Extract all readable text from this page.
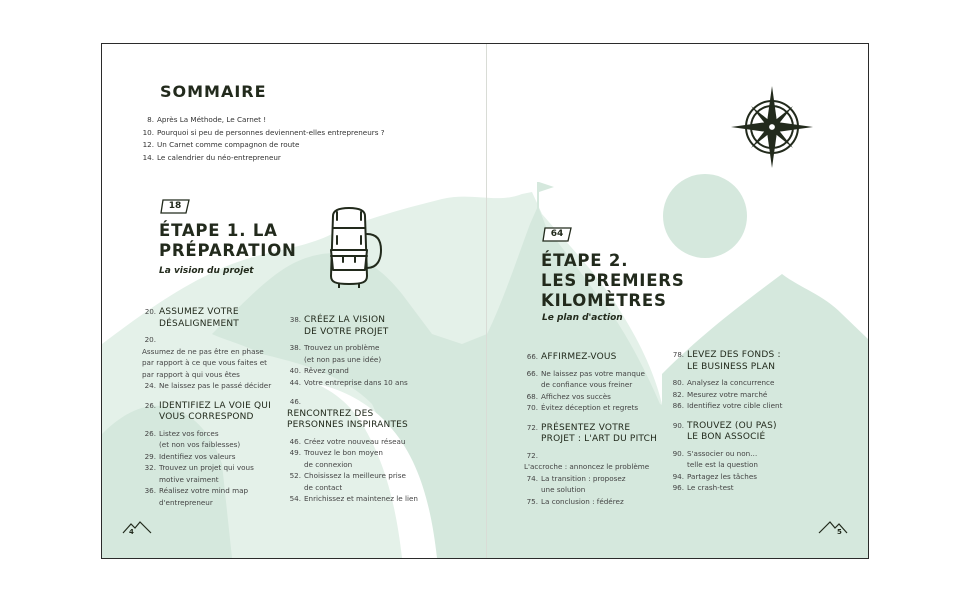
SOMMAIRE
8. Après La Méthode, Le Carnet !
10. Pourquoi si peu de personnes deviennent-elles entrepreneurs ?
12. Un Carnet comme compagnon de route
14. Le calendrier du néo-entrepreneur
18
ÉTAPE 1. LA
PRÉPARATION
La vision du projet
20. ASSUMEZ VOTRE
DÉSALIGNEMENT
20.Assumez de ne pas être en phase
par rapport à ce que vous faites et
par rapport à qui vous êtes
24. Ne laissez pas le passé décider
26. IDENTIFIEZ LA VOIE QUI
VOUS CORRESPOND
26. Listez vos forces
(et non vos faiblesses)
29. Identifiez vos valeurs
32. Trouvez un projet qui vous
motive vraiment
36. Réalisez votre mind map
d'entrepreneur
38. CRÉEZ LA VISION
DE VOTRE PROJET
38. Trouvez un problème
(et non pas une idée)
40. Rêvez grand
44. Votre entreprise dans 10 ans
46.RENCONTREZ DES
PERSONNES INSPIRANTES
46. Créez votre nouveau réseau
49. Trouvez le bon moyen
de connexion
52. Choisissez la meilleure prise
de contact
54. Enrichissez et maintenez le lien
4
64
ÉTAPE 2.
LES PREMIERS
KILOMÈTRES
Le plan d'action
66. AFFIRMEZ-VOUS
66. Ne laissez pas votre manque
de confiance vous freiner
68. Affichez vos succès
70. Évitez déception et regrets
72. PRÉSENTEZ VOTRE
PROJET : L'ART DU PITCH
72.L'accroche : annoncez le problème
74. La transition : proposez
une solution
75. La conclusion : fédérez
78. LEVEZ DES FONDS :
LE BUSINESS PLAN
80. Analysez la concurrence
82. Mesurez votre marché
86. Identifiez votre cible client
90. TROUVEZ (OU PAS)
LE BON ASSOCIÉ
90. S'associer ou non…
telle est la question
94. Partagez les tâches
96. Le crash-test
5
